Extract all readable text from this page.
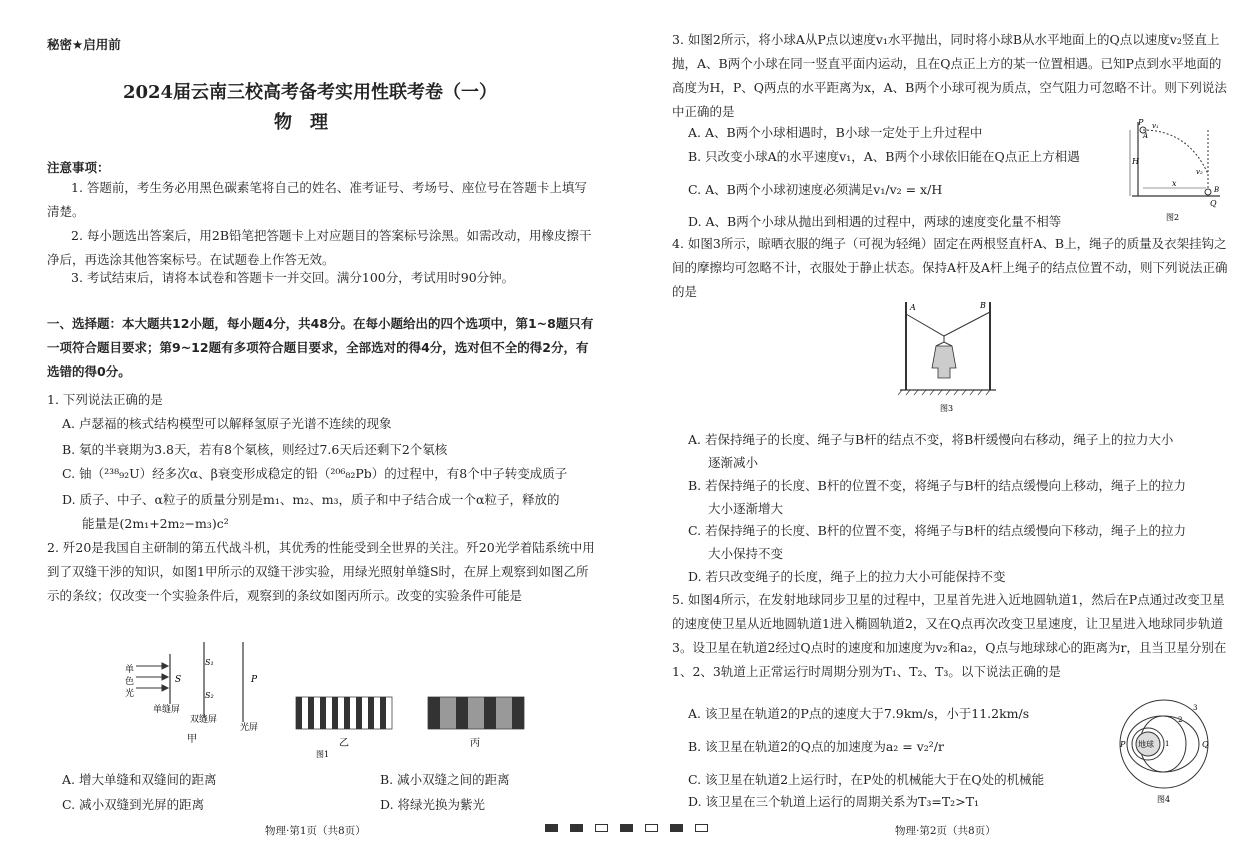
秘密★启用前
2024届云南三校高考备考实用性联考卷（一）
物理
注意事项：
1. 答题前，考生务必用黑色碳素笔将自己的姓名、准考证号、考场号、座位号在答题卡上填写清楚。
2. 每小题选出答案后，用2B铅笔把答题卡上对应题目的答案标号涂黑。如需改动，用橡皮擦干净后，再选涂其他答案标号。在试题卷上作答无效。
3. 考试结束后，请将本试卷和答题卡一并交回。满分100分，考试用时90分钟。
一、选择题：本大题共12小题，每小题4分，共48分。在每小题给出的四个选项中，第1~8题只有一项符合题目要求；第9~12题有多项符合题目要求，全部选对的得4分，选对但不全的得2分，有选错的得0分。
1. 下列说法正确的是
A. 卢瑟福的核式结构模型可以解释氢原子光谱不连续的现象
B. 氡的半衰期为3.8天，若有8个氡核，则经过7.6天后还剩下2个氡核
C. 铀（²³⁸₉₂U）经多次α、β衰变形成稳定的铅（²⁰⁶₈₂Pb）的过程中，有8个中子转变成质子
D. 质子、中子、α粒子的质量分别是m₁、m₂、m₃，质子和中子结合成一个α粒子，释放的
能量是(2m₁+2m₂−m₃)c²
2. 歼20是我国自主研制的第五代战斗机，其优秀的性能受到全世界的关注。歼20光学着陆系统中用到了双缝干涉的知识，如图1甲所示的双缝干涉实验，用绿光照射单缝S时，在屏上观察到如图乙所示的条纹；仅改变一个实验条件后，观察到的条纹如图丙所示。改变的实验条件可能是
单
色
光
S
S₁
S₂
P
单缝屏
双缝屏
光屏
甲	乙	丙
图1
A. 增大单缝和双缝间的距离	B. 减小双缝之间的距离
C. 减小双缝到光屏的距离	D. 将绿光换为紫光
物理·第1页（共8页）
3. 如图2所示，将小球A从P点以速度v₁水平抛出，同时将小球B从水平地面上的Q点以速度v₂竖直上抛，A、B两个小球在同一竖直平面内运动，且在Q点正上方的某一位置相遇。已知P点到水平地面的高度为H，P、Q两点的水平距离为x，A、B两个小球可视为质点，空气阻力可忽略不计。则下列说法中正确的是
A. A、B两个小球相遇时，B小球一定处于上升过程中
B. 只改变小球A的水平速度v₁，A、B两个小球依旧能在Q点正上方相遇
C. A、B两个小球初速度必须满足v₁/v₂ = x/H
D. A、B两个小球从抛出到相遇的过程中，两球的速度变化量不相等
P
A
v₁
v₂
B
Q
H
x
图2
4. 如图3所示，晾晒衣服的绳子（可视为轻绳）固定在两根竖直杆A、B上，绳子的质量及衣架挂钩之间的摩擦均可忽略不计，衣服处于静止状态。保持A杆及A杆上绳子的结点位置不动，则下列说法正确的是
A	B
图3
A. 若保持绳子的长度、绳子与B杆的结点不变，将B杆缓慢向右移动，绳子上的拉力大小
逐渐减小
B. 若保持绳子的长度、B杆的位置不变，将绳子与B杆的结点缓慢向上移动，绳子上的拉力
大小逐渐增大
C. 若保持绳子的长度、B杆的位置不变，将绳子与B杆的结点缓慢向下移动，绳子上的拉力
大小保持不变
D. 若只改变绳子的长度，绳子上的拉力大小可能保持不变
5. 如图4所示，在发射地球同步卫星的过程中，卫星首先进入近地圆轨道1，然后在P点通过改变卫星的速度使卫星从近地圆轨道1进入椭圆轨道2，又在Q点再次改变卫星速度，让卫星进入地球同步轨道3。设卫星在轨道2经过Q点时的速度和加速度为v₂和a₂，Q点与地球球心的距离为r，且当卫星分别在1、2、3轨道上正常运行时周期分别为T₁、T₂、T₃。以下说法正确的是
A. 该卫星在轨道2的P点的速度大于7.9km/s，小于11.2km/s
B. 该卫星在轨道2的Q点的加速度为a₂ = v₂²/r
C. 该卫星在轨道2上运行时，在P处的机械能大于在Q处的机械能
D. 该卫星在三个轨道上运行的周期关系为T₃=T₂>T₁
地球
P	Q
1
2
3
图4
物理·第2页（共8页）
